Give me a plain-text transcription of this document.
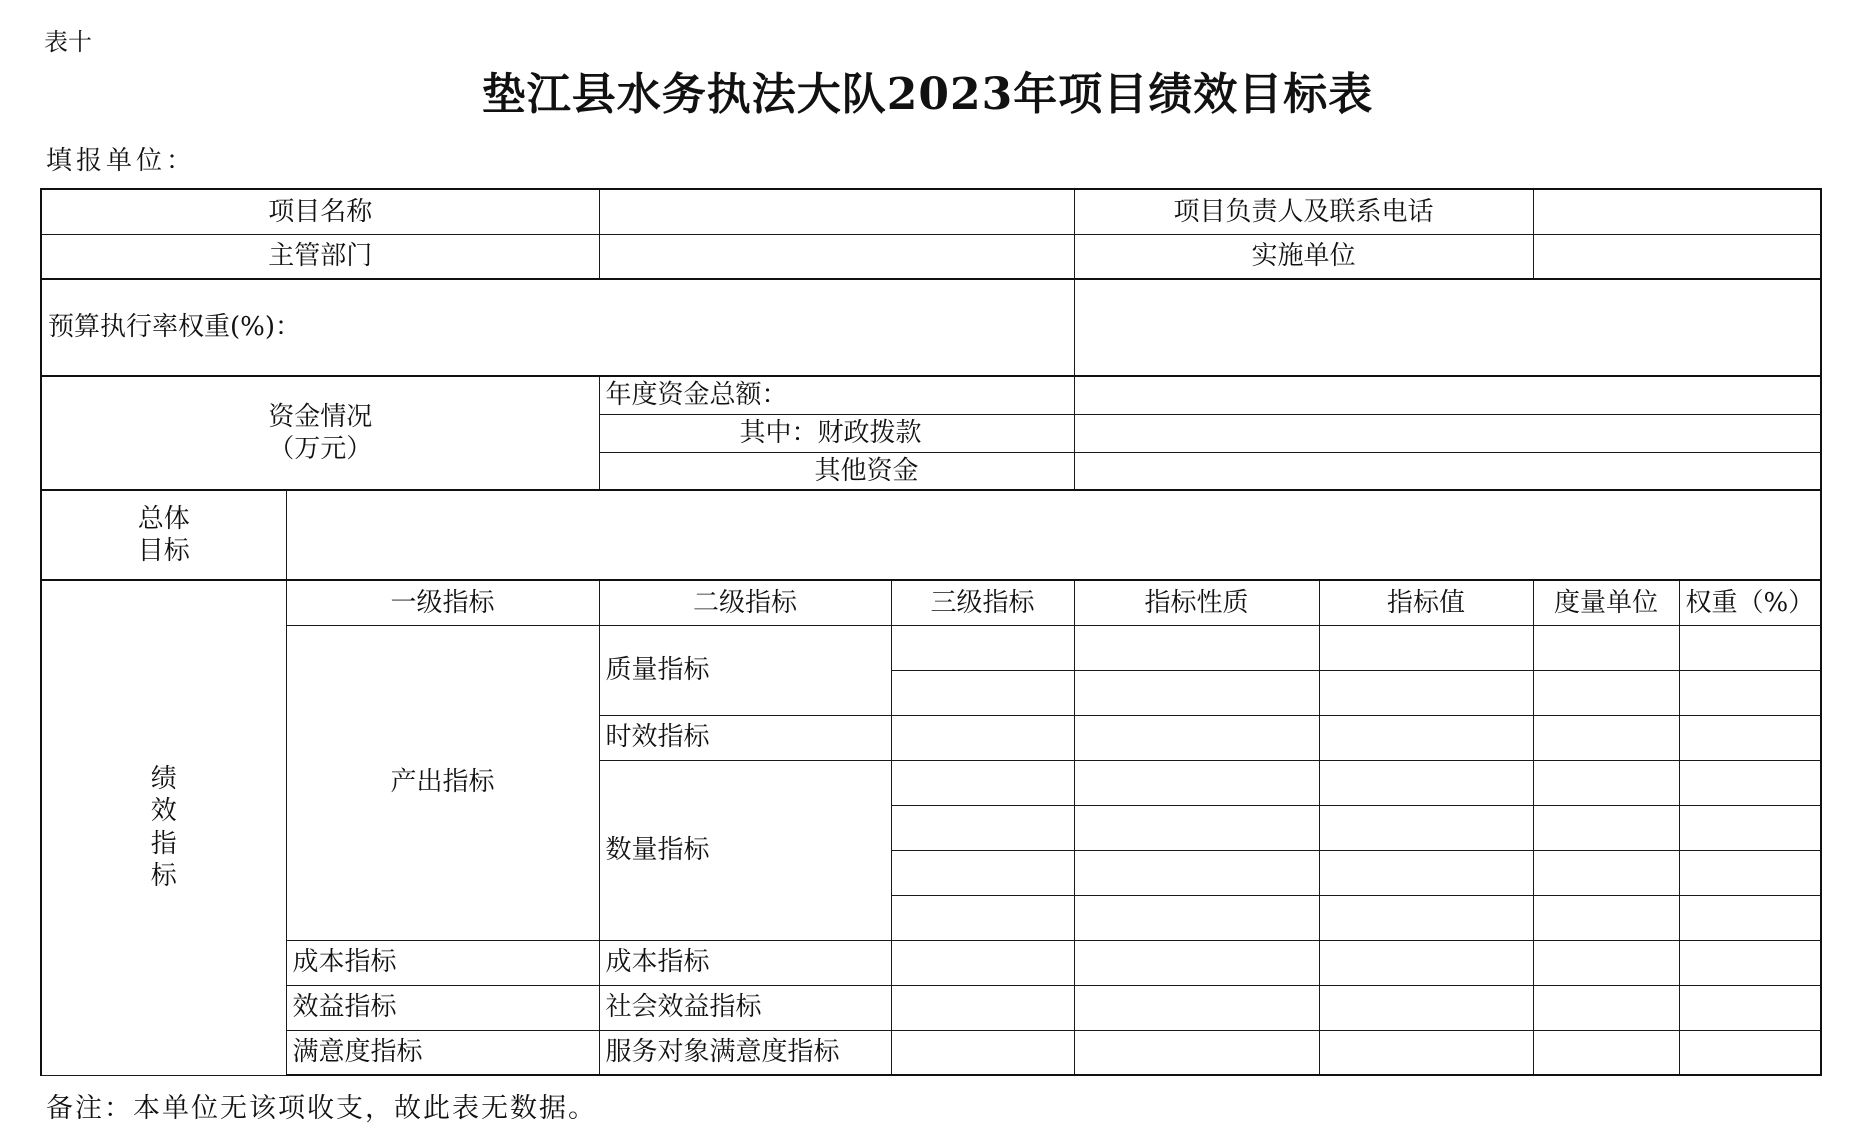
表十
垫江县水务执法大队2023年项目绩效目标表
填报单位：
项目名称				项目负责人及联系电话			
主管部门				实施单位			
预算执行率权重(%)：							

资金情况
（万元）		年度资金总额：					
		其中：财政拨款					
		其他资金					

总体
目标							

绩
效
指
标	一级指标	二级指标	三级指标	指标性质	指标值	度量单位	权重（%）
	产出指标	质量指标					

		时效指标					
		数量指标					

	成本指标	成本指标					
	效益指标	社会效益指标					
	满意度指标	服务对象满意度指标					
备注：本单位无该项收支，故此表无数据。
